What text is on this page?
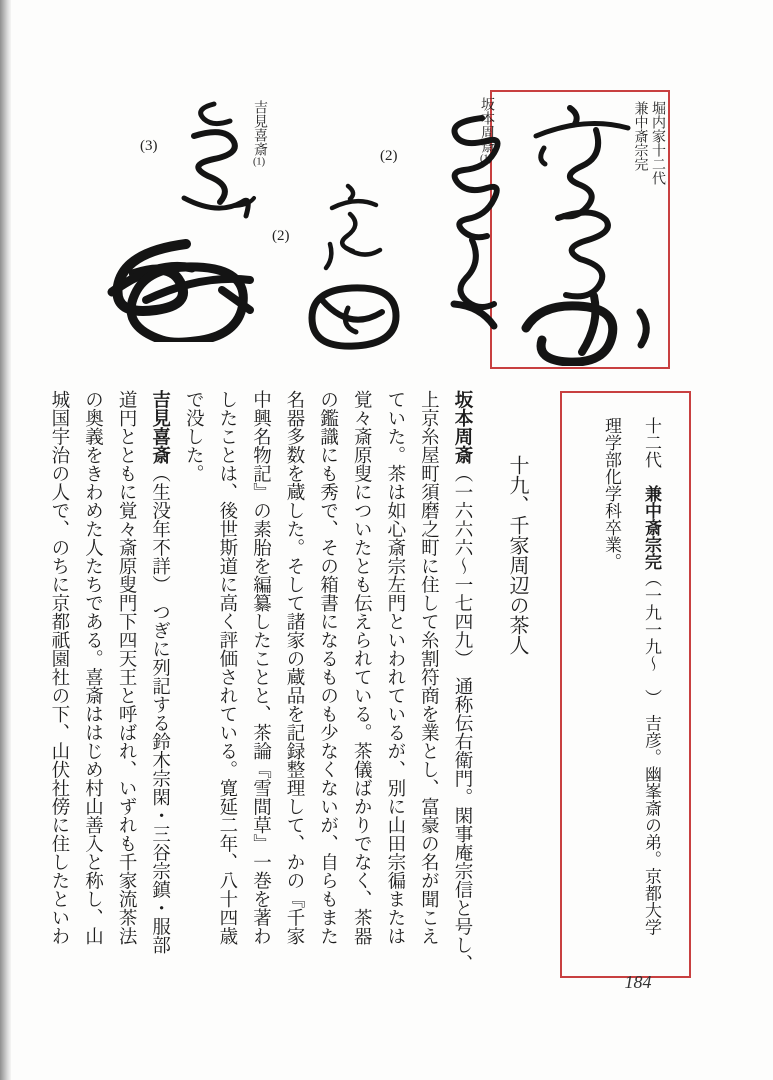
堀内家十二代
兼中斎宗完
坂本周斎(1)
(2)
(2)
吉見喜斎(1)
(3)
十二代　兼中斎宗完（一九一九〜　）　吉彦。幽峯斎の弟。京都大学
理学部化学科卒業。
十九、千家周辺の茶人
坂本周斎（一六六六〜一七四九）　通称伝右衛門。閑事庵宗信と号し、
上京糸屋町須磨之町に住して糸割符商を業とし、富豪の名が聞こえ
ていた。茶は如心斎宗左門といわれているが、別に山田宗徧または
覚々斎原叟についたとも伝えられている。茶儀ばかりでなく、茶器
の鑑識にも秀で、その箱書になるものも少なくないが、自らもまた
名器多数を蔵した。そして諸家の蔵品を記録整理して、かの『千家
中興名物記』の素胎を編纂したことと、茶論『雪間草』一巻を著わ
したことは、後世斯道に高く評価されている。寛延二年、八十四歳
で没した。
吉見喜斎（生没年不詳）　つぎに列記する鈴木宗閑・三谷宗鎮・服部
道円とともに覚々斎原叟門下四天王と呼ばれ、いずれも千家流茶法
の奥義をきわめた人たちである。喜斎ははじめ村山善入と称し、山
城国宇治の人で、のちに京都祇園社の下、山伏社傍に住したといわ
184
